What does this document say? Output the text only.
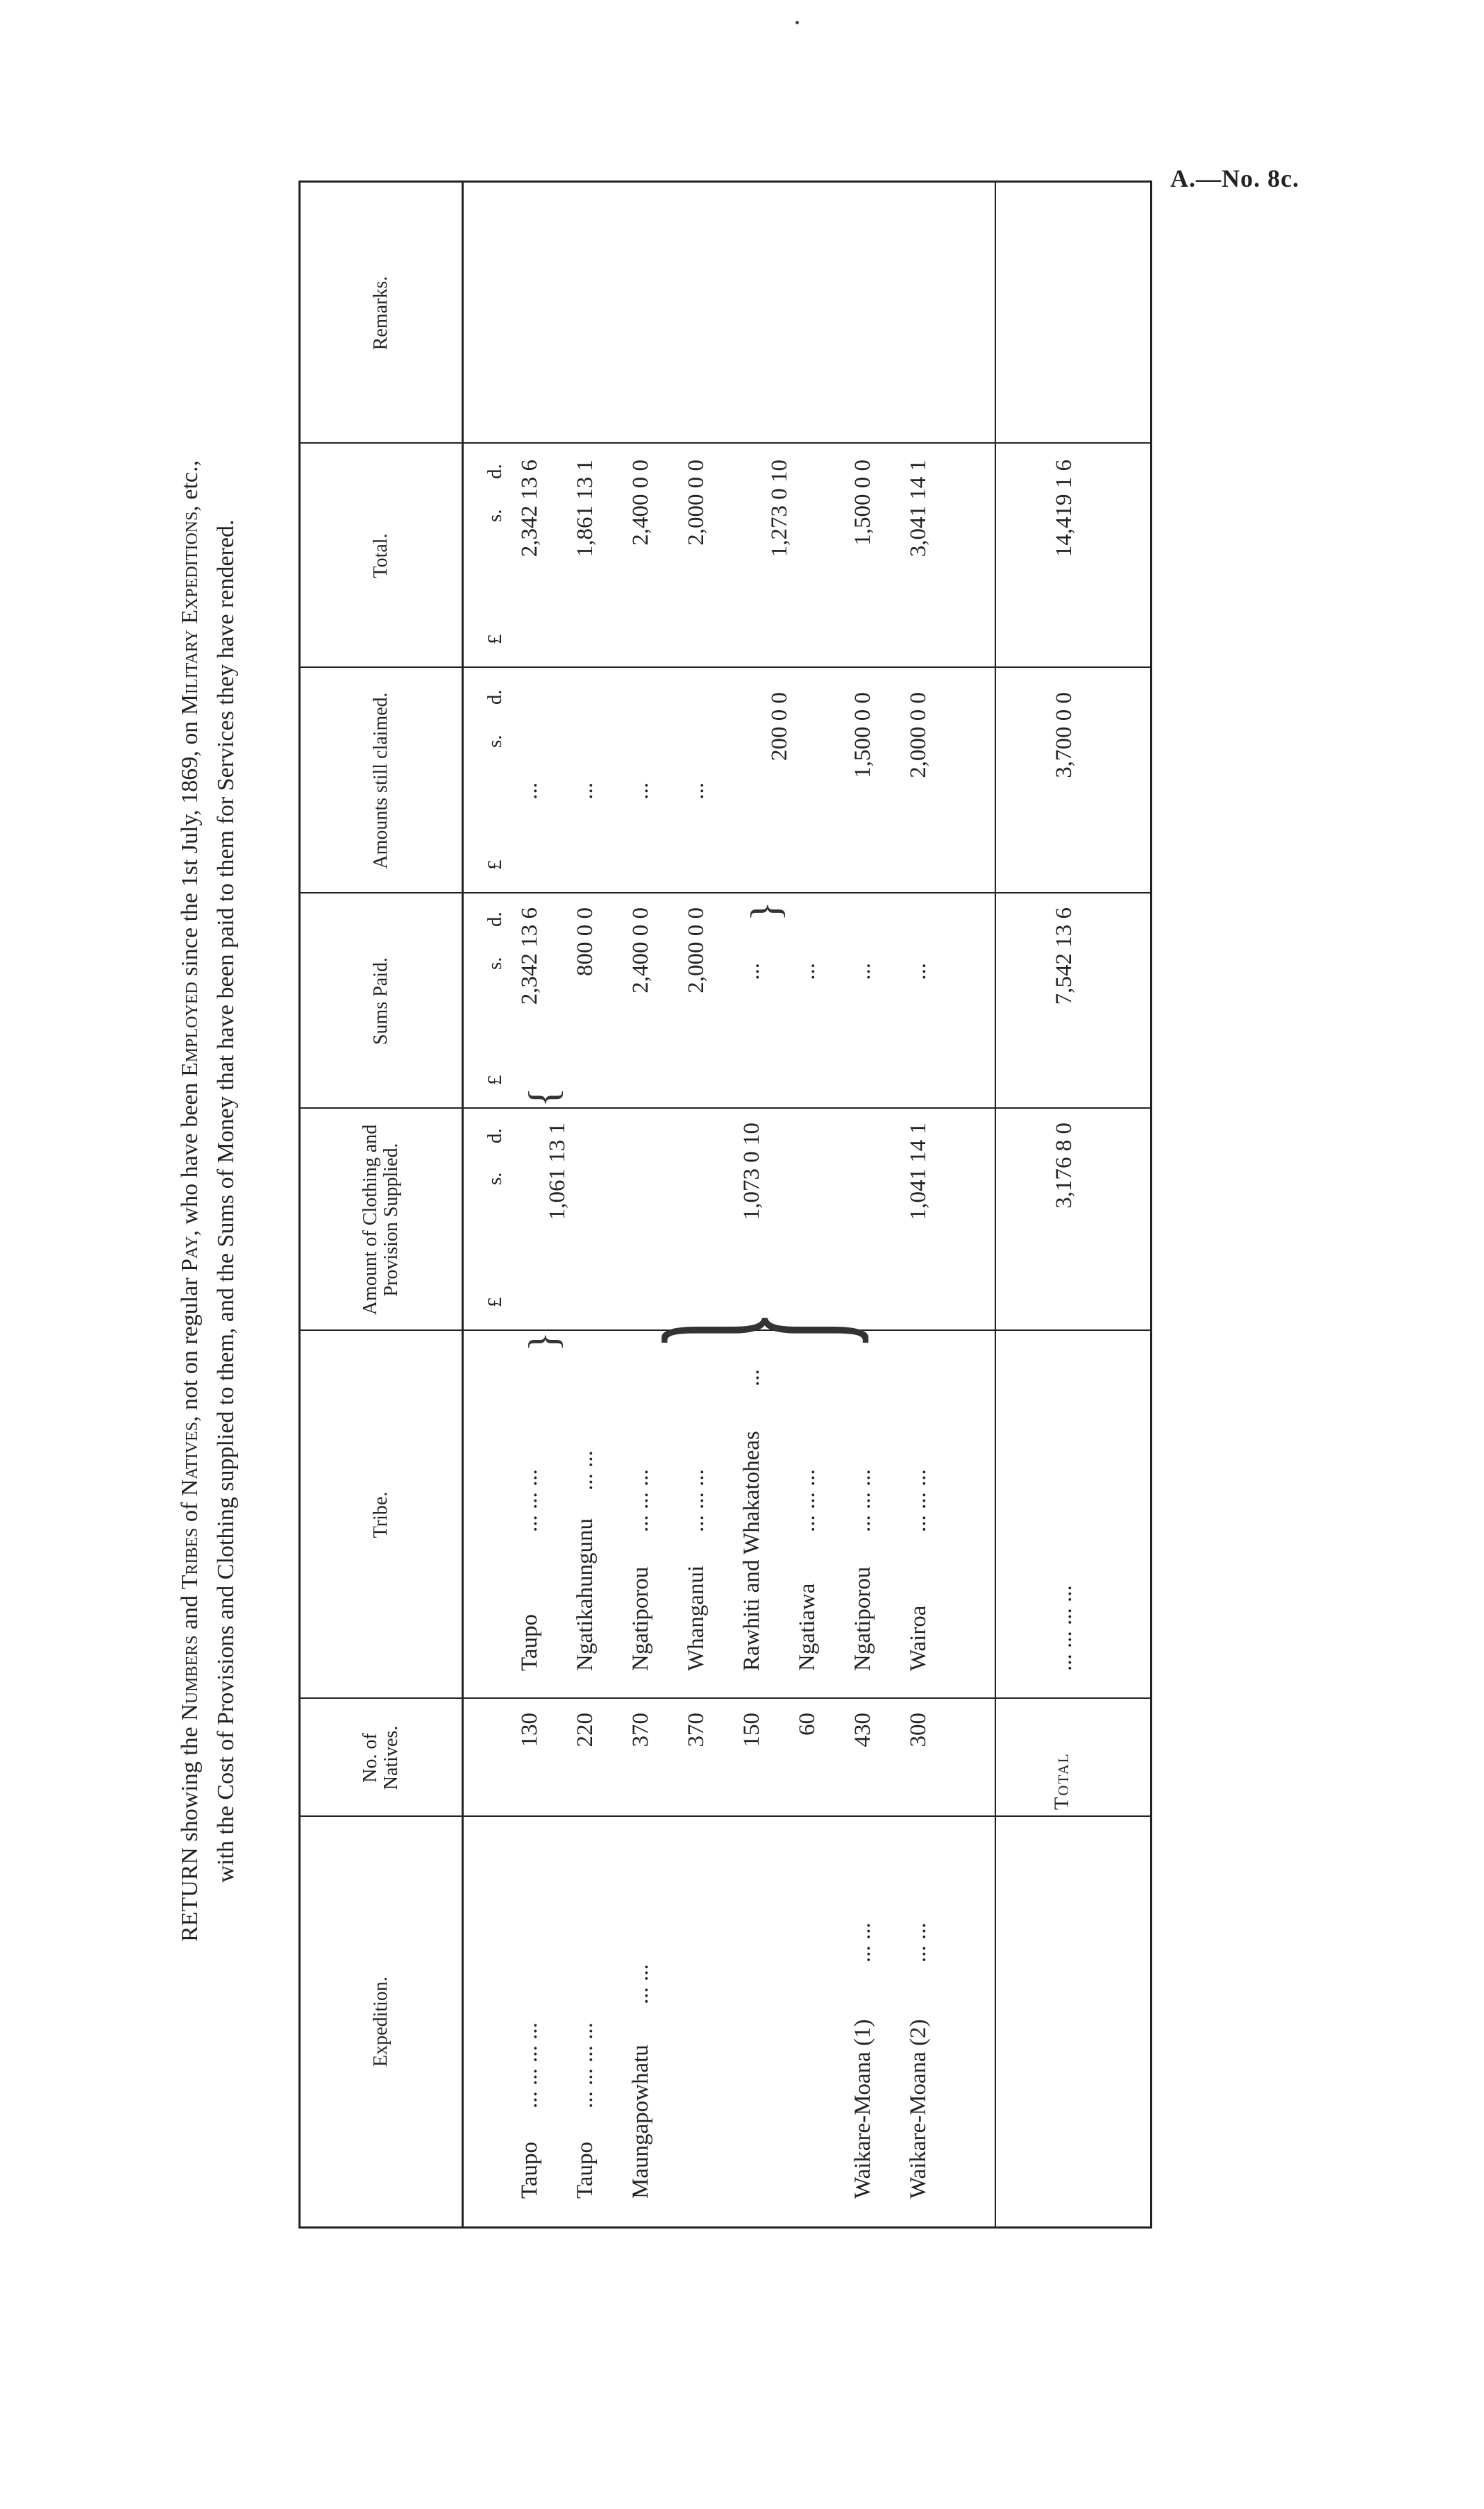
A.—No. 8c.
RETURN showing the Numbers and Tribes of Natives, not on regular Pay, who have been Employed since the 1st July, 1869, on Military Expeditions, etc.,
with the Cost of Provisions and Clothing supplied to them, and the Sums of Money that have been paid to them for Services they have rendered.
Expedition.
No. of Natives.
Tribe.
Amount of Clothing and Provision Supplied.
Sums Paid.
Amounts still claimed.
Total.
Remarks.
£
s.
d.
£
s.
d.
£
s.
d.
£
s.
d.
Taupo
... ... ... ...
130
Taupo
... ... ...
2,342 13 6
...
2,342 13 6
Taupo
... ... ... ...
220
Ngatikahungunu
... ...
1,061 13 1
800 0 0
...
1,861 13 1
Maungapowhatu
... ...
370
Ngatiporou
... ... ...
2,400 0 0
...
2,400 0 0
370
Whanganui
... ... ...
2,000 0 0
...
2,000 0 0
150
Rawhiti and Whakatoheas
...
1,073 0 10
...
200 0 0
1,273 0 10
60
Ngatiawa
... ... ...
...
Waikare-Moana (1)
... ...
430
Ngatiporou
... ... ...
...
1,500 0 0
1,500 0 0
Waikare-Moana (2)
... ...
300
Wairoa
... ... ...
1,041 14 1
...
2,000 0 0
3,041 14 1
}
{
}
}
Total
... ... ... ...
3,176 8 0
7,542 13 6
3,700 0 0
14,419 1 6
